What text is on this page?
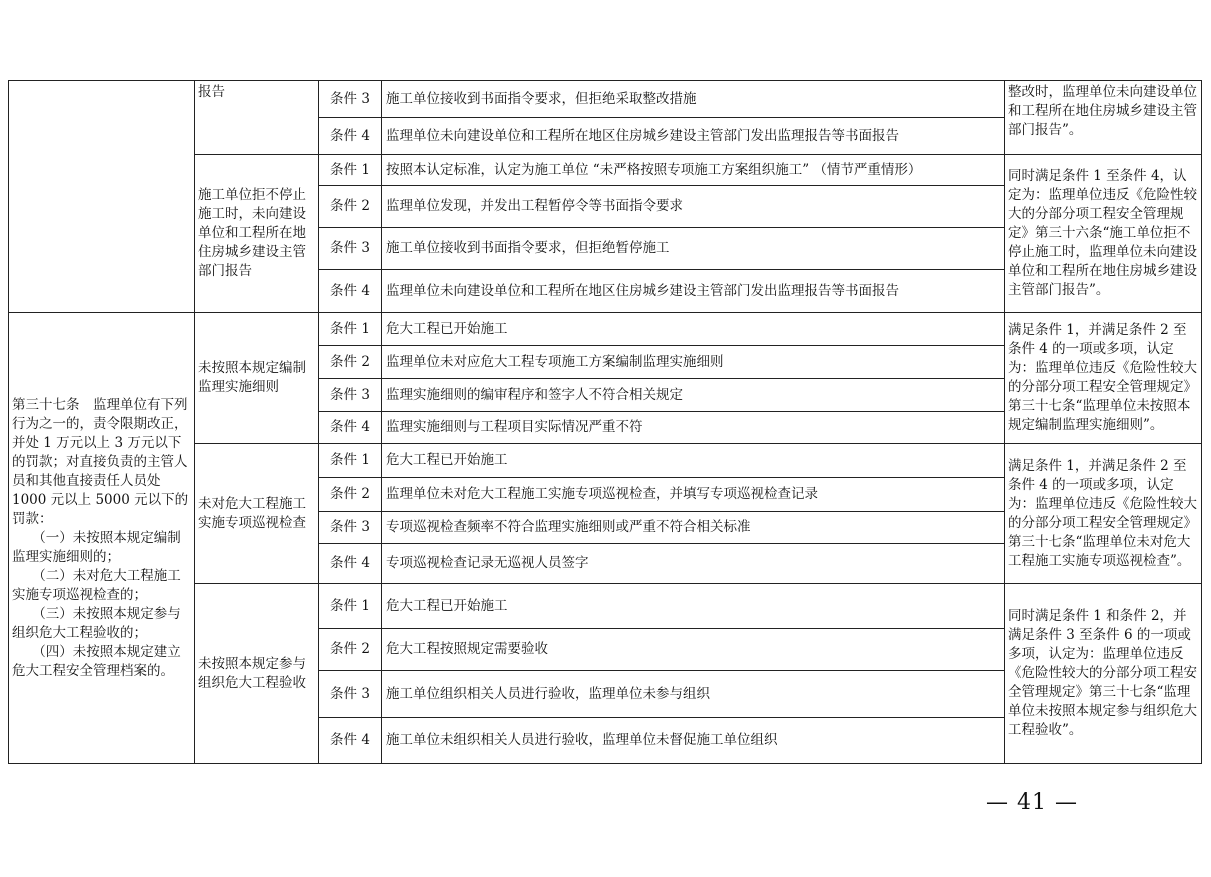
	报告	条件 3	施工单位接收到书面指令要求，但拒绝采取整改措施	整改时，监理单位未向建设单位和工程所在地住房城乡建设主管部门报告”。
		条件 4	监理单位未向建设单位和工程所在地区住房城乡建设主管部门发出监理报告等书面报告	
	施工单位拒不停止施工时，未向建设单位和工程所在地住房城乡建设主管部门报告	条件 1	按照本认定标准，认定为施工单位 “未严格按照专项施工方案组织施工” （情节严重情形）	同时满足条件 1 至条件 4，认定为：监理单位违反《危险性较大的分部分项工程安全管理规定》第三十六条“施工单位拒不停止施工时，监理单位未向建设单位和工程所在地住房城乡建设主管部门报告”。
		条件 2	监理单位发现，并发出工程暂停令等书面指令要求	
		条件 3	施工单位接收到书面指令要求，但拒绝暂停施工	
		条件 4	监理单位未向建设单位和工程所在地区住房城乡建设主管部门发出监理报告等书面报告	

第三十七条　监理单位有下列行为之一的，责令限期改正，并处 1 万元以上 3 万元以下的罚款；对直接负责的主管人员和其他直接责任人员处 1000 元以上 5000 元以下的罚款：
　　（一）未按照本规定编制监理实施细则的；
　　（二）未对危大工程施工实施专项巡视检查的；
　　（三）未按照本规定参与组织危大工程验收的；
　　（四）未按照本规定建立危大工程安全管理档案的。	未按照本规定编制监理实施细则	条件 1	危大工程已开始施工	满足条件 1，并满足条件 2 至条件 4 的一项或多项，认定为：监理单位违反《危险性较大的分部分项工程安全管理规定》第三十七条“监理单位未按照本规定编制监理实施细则”。
		条件 2	监理单位未对应危大工程专项施工方案编制监理实施细则	
		条件 3	监理实施细则的编审程序和签字人不符合相关规定	
		条件 4	监理实施细则与工程项目实际情况严重不符	
	未对危大工程施工实施专项巡视检查	条件 1	危大工程已开始施工	满足条件 1，并满足条件 2 至条件 4 的一项或多项，认定为：监理单位违反《危险性较大的分部分项工程安全管理规定》第三十七条“监理单位未对危大工程施工实施专项巡视检查”。
		条件 2	监理单位未对危大工程施工实施专项巡视检查，并填写专项巡视检查记录	
		条件 3	专项巡视检查频率不符合监理实施细则或严重不符合相关标准	
		条件 4	专项巡视检查记录无巡视人员签字	
	未按照本规定参与组织危大工程验收	条件 1	危大工程已开始施工	同时满足条件 1 和条件 2，并满足条件 3 至条件 6 的一项或多项，认定为：监理单位违反《危险性较大的分部分项工程安全管理规定》第三十七条“监理单位未按照本规定参与组织危大工程验收”。
		条件 2	危大工程按照规定需要验收	
		条件 3	施工单位组织相关人员进行验收，监理单位未参与组织	
		条件 4	施工单位未组织相关人员进行验收，监理单位未督促施工单位组织	
— 41 —
